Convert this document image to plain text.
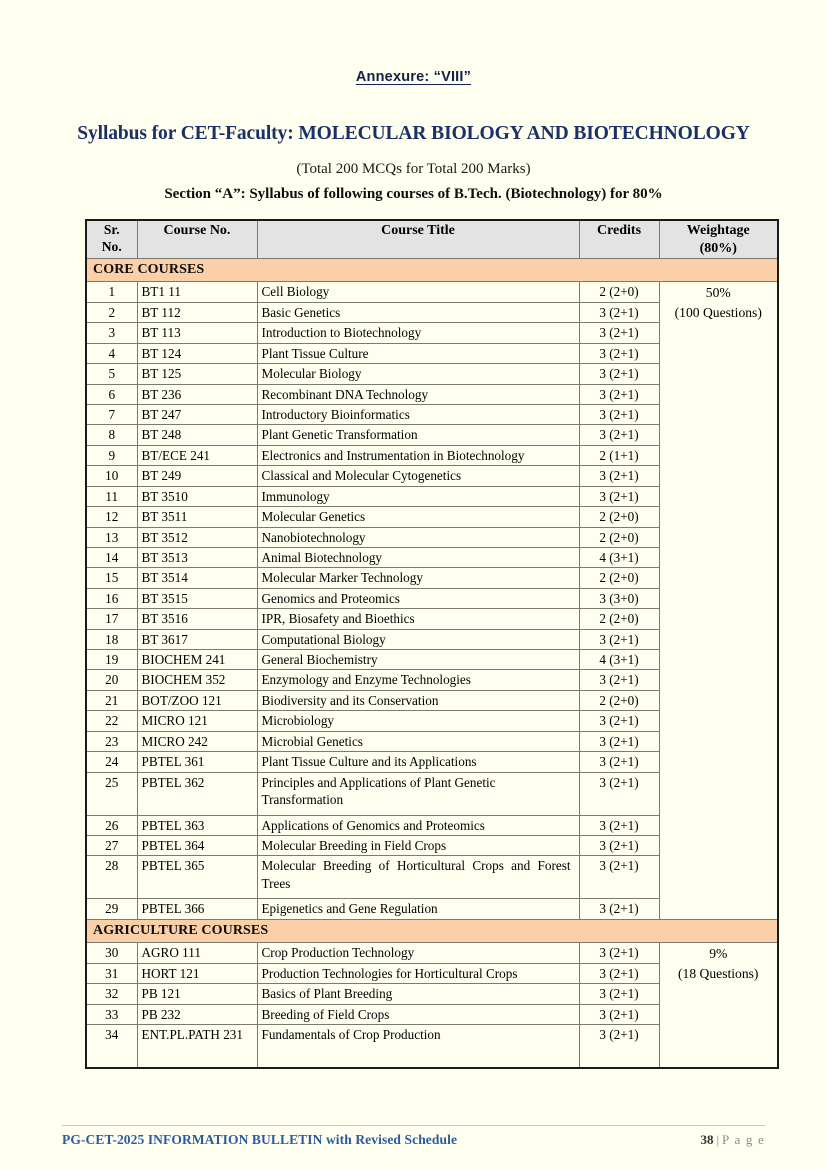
Annexure: “VIII”
Syllabus for CET-Faculty: MOLECULAR BIOLOGY AND BIOTECHNOLOGY
(Total 200 MCQs for Total 200 Marks)
Section “A”: Syllabus of following courses of B.Tech. (Biotechnology) for 80%
Sr.
No.	Course No.	Course Title	Credits	Weightage
(80%)
CORE COURSES				
1	BT1 11	Cell Biology	2 (2+0)	50%
(100 Questions)

2	BT 112	Basic Genetics	3 (2+1)	
3	BT 113	Introduction to Biotechnology	3 (2+1)	
4	BT 124	Plant Tissue Culture	3 (2+1)	
5	BT 125	Molecular Biology	3 (2+1)	
6	BT 236	Recombinant DNA Technology	3 (2+1)	
7	BT 247	Introductory Bioinformatics	3 (2+1)	
8	BT 248	Plant Genetic Transformation	3 (2+1)	
9	BT/ECE 241	Electronics and Instrumentation in Biotechnology	2 (1+1)	
10	BT 249	Classical and Molecular Cytogenetics	3 (2+1)	
11	BT 3510	Immunology	3 (2+1)	
12	BT 3511	Molecular Genetics	2 (2+0)	
13	BT 3512	Nanobiotechnology	2 (2+0)	
14	BT 3513	Animal Biotechnology	4 (3+1)	
15	BT 3514	Molecular Marker Technology	2 (2+0)	
16	BT 3515	Genomics and Proteomics	3 (3+0)	
17	BT 3516	IPR, Biosafety and Bioethics	2 (2+0)	
18	BT 3617	Computational Biology	3 (2+1)	
19	BIOCHEM 241	General Biochemistry	4 (3+1)	
20	BIOCHEM 352	Enzymology and Enzyme Technologies	3 (2+1)	
21	BOT/ZOO 121	Biodiversity and its Conservation	2 (2+0)	
22	MICRO 121	Microbiology	3 (2+1)	
23	MICRO 242	Microbial Genetics	3 (2+1)	
24	PBTEL 361	Plant Tissue Culture and its Applications	3 (2+1)	
25	PBTEL 362	Principles and Applications of Plant Genetic Transformation	3 (2+1)	
26	PBTEL 363	Applications of Genomics and Proteomics	3 (2+1)	
27	PBTEL 364	Molecular Breeding in Field Crops	3 (2+1)	
28	PBTEL 365	Molecular Breeding of Horticultural Crops and Forest Trees	3 (2+1)	
29	PBTEL 366	Epigenetics and Gene Regulation	3 (2+1)	
AGRICULTURE COURSES				
30	AGRO 111	Crop Production Technology	3 (2+1)	9%
(18 Questions)

31	HORT 121	Production Technologies for Horticultural Crops	3 (2+1)	
32	PB 121	Basics of Plant Breeding	3 (2+1)	
33	PB 232	Breeding of Field Crops	3 (2+1)	
34	ENT.PL.PATH 231	Fundamentals of Crop Production	3 (2+1)	
PG-CET-2025 INFORMATION BULLETIN with Revised Schedule	38 | P a g e
